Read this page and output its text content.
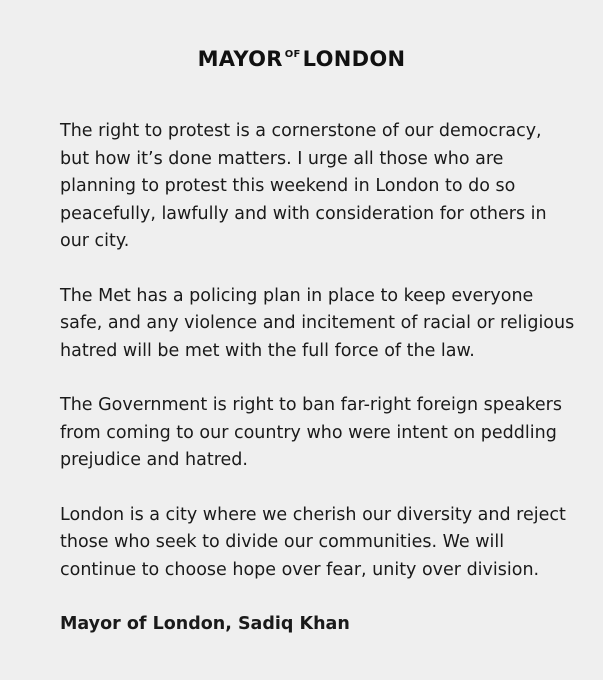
MAYOR $^{OF}$LONDON

The right to protest is a cornerstone of our democracy,
but how it’s done matters. I urge all those who are
planning to protest this weekend in London to do so
peacefully, lawfully and with consideration for others in
our city.

The Met has a policing plan in place to keep everyone
safe, and any violence and incitement of racial or religious
hatred will be met with the full force of the law.

The Government is right to ban far-right foreign speakers
from coming to our country who were intent on peddling
prejudice and hatred.

London is a city where we cherish our diversity and reject
those who seek to divide our communities. We will
continue to choose hope over fear, unity over division.

Mayor of London, Sadiq Khan
